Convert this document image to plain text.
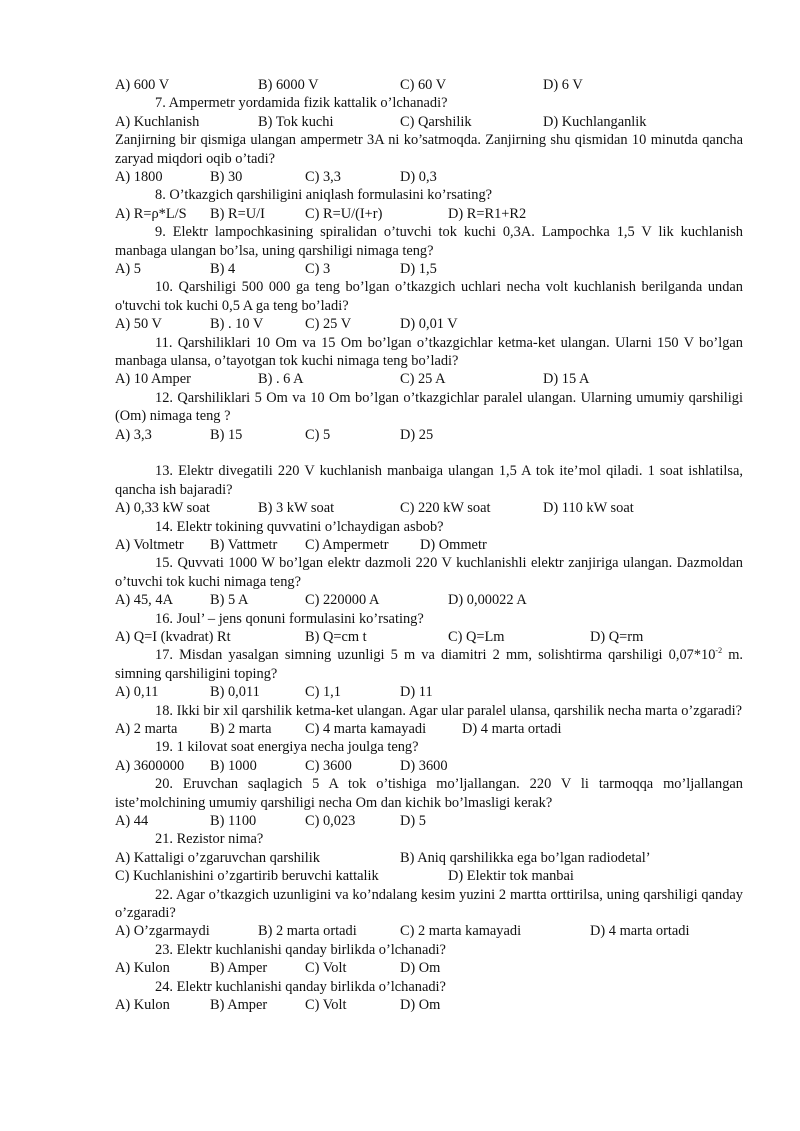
A) 600 V	B) 6000 V	C) 60 V	D) 6 V

7. Ampermetr yordamida fizik kattalik o’lchanadi?

A) Kuchlanish	B) Tok kuchi	C) Qarshilik	D) Kuchlanganlik

Zanjirning bir qismiga ulangan ampermetr 3A ni ko’satmoqda. Zanjirning shu qismidan 10 minutda qancha zaryad miqdori oqib o’tadi?

A) 1800	B) 30	C) 3,3	D) 0,3

8. O’tkazgich qarshiligini aniqlash formulasini ko’rsating?

A) R=ρ*L/S B) R=U/I	C) R=U/(I+r)	D) R=R1+R2

9. Elektr lampochkasining spiralidan o’tuvchi tok kuchi 0,3A. Lampochka 1,5 V lik kuchlanish manbaga ulangan bo’lsa, uning qarshiligi nimaga teng?

A) 5	B) 4	C) 3	D) 1,5

10. Qarshiligi 500 000 ga teng bo’lgan o’tkazgich uchlari necha volt kuchlanish berilganda undan o'tuvchi tok kuchi 0,5 A ga teng bo’ladi?

A) 50 V	B) . 10 V	C) 25 V	D) 0,01 V

11. Qarshiliklari 10 Om va 15 Om bo’lgan o’tkazgichlar ketma-ket ulangan. Ularni 150 V bo’lgan manbaga ulansa, o’tayotgan tok kuchi nimaga teng bo’ladi?

A) 10 Amper	B) . 6 A	C) 25 A	D) 15 A

12. Qarshiliklari 5 Om va 10 Om bo’lgan o’tkazgichlar paralel ulangan. Ularning umumiy qarshiligi (Om) nimaga teng ?

A) 3,3	B) 15	C) 5	D) 25

13. Elektr divegatili 220 V kuchlanish manbaiga ulangan 1,5 A tok ite’mol qiladi. 1 soat ishlatilsa, qancha ish bajaradi?

A) 0,33 kW soat	B) 3 kW soat	C) 220 kW soat	D) 110 kW soat

14. Elektr tokining quvvatini o’lchaydigan asbob?

A) Voltmetr B) Vattmetr C) Ampermetr D) Ommetr

15. Quvvati 1000 W bo’lgan elektr dazmoli 220 V kuchlanishli elektr zanjiriga ulangan. Dazmoldan o’tuvchi tok kuchi nimaga teng?

A) 45, 4A	B) 5 A	C) 220000 A	D) 0,00022 A

16. Joul’ – jens qonuni formulasini ko’rsating?

A) Q=I (kvadrat) Rt	B) Q=cm t	C) Q=Lm	D) Q=rm

17. Misdan yasalgan simning uzunligi 5 m va diamitri 2 mm, solishtirma qarshiligi $0,07*10^{-2}$ m. simning qarshiligini toping?

A) 0,11	B) 0,011	C) 1,1	D) 11

18. Ikki bir xil qarshilik ketma-ket ulangan. Agar ular paralel ulansa, qarshilik necha marta o’zgaradi?

A) 2 marta B) 2 marta C) 4 marta kamayadi D) 4 marta ortadi

19. 1 kilovat soat energiya necha joulga teng?

A) 3600000 B) 1000	C) 3600	D) 3600

20. Eruvchan saqlagich 5 A tok o’tishiga mo’ljallangan. 220 V li tarmoqqa mo’ljallangan iste’molchining umumiy qarshiligi necha Om dan kichik bo’lmasligi kerak?

A) 44	B) 1100	C) 0,023	D) 5

21. Rezistor nima?

A) Kattaligi o’zgaruvchan qarshilik	B) Aniq qarshilikka ega bo’lgan radiodetal’
C) Kuchlanishini o’zgartirib beruvchi kattalik	D) Elektir tok manbai

22. Agar o’tkazgich uzunligini va ko’ndalang kesim yuzini 2 martta orttirilsa, uning qarshiligi qanday o’zgaradi?

A) O’zgarmaydi	B) 2 marta ortadi	C) 2 marta kamayadi	D) 4 marta ortadi

23. Elektr kuchlanishi qanday birlikda o’lchanadi?

A) Kulon	B) Amper	C) Volt	D) Om

24. Elektr kuchlanishi qanday birlikda o’lchanadi?

A) Kulon	B) Amper	C) Volt	D) Om
